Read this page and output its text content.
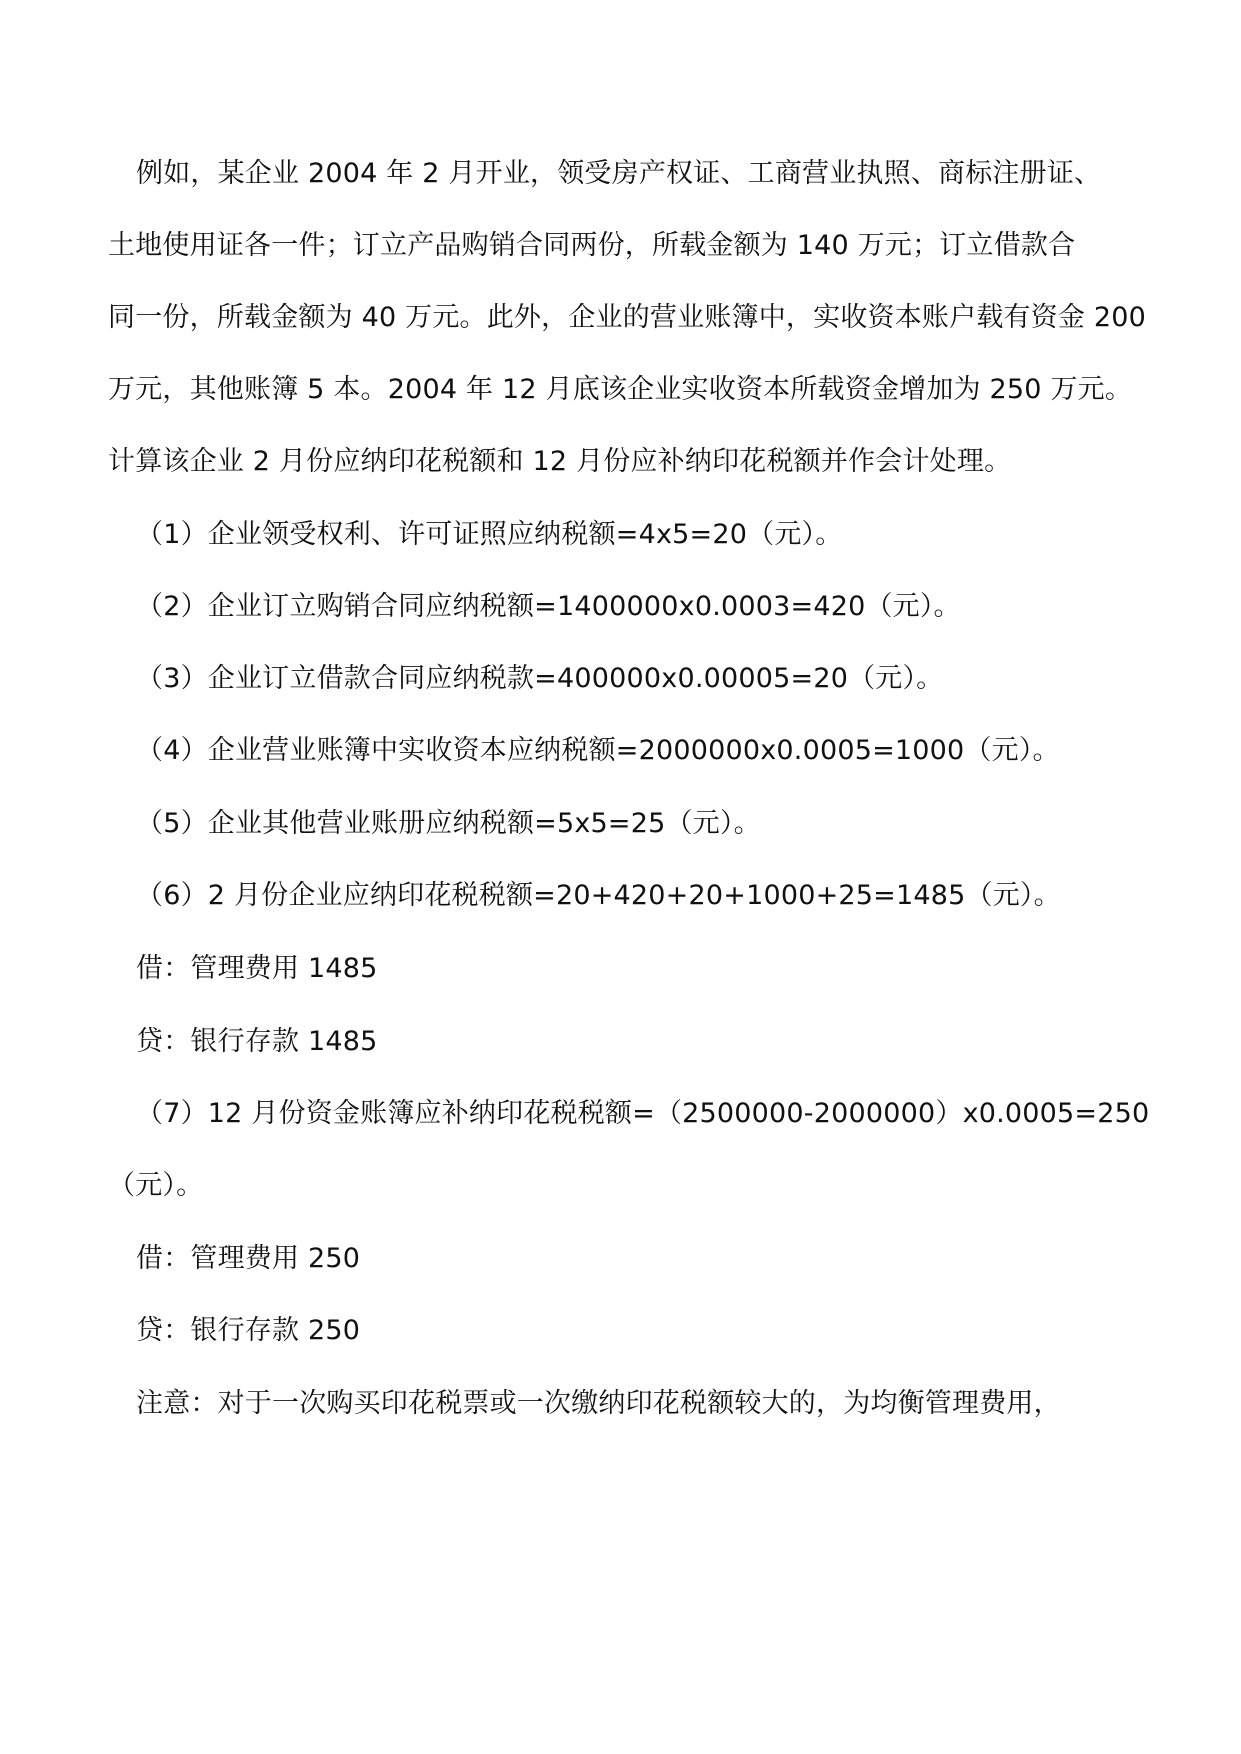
例如，某企业 2004 年 2 月开业，领受房产权证、工商营业执照、商标注册证、
土地使用证各一件；订立产品购销合同两份，所载金额为 140 万元；订立借款合
同一份，所载金额为 40 万元。此外，企业的营业账簿中，实收资本账户载有资金 200
万元，其他账簿 5 本。2004 年 12 月底该企业实收资本所载资金增加为 250 万元。
计算该企业 2 月份应纳印花税额和 12 月份应补纳印花税额并作会计处理。
（1）企业领受权利、许可证照应纳税额=4x5=20（元）。
（2）企业订立购销合同应纳税额=1400000x0.0003=420（元）。
（3）企业订立借款合同应纳税款=400000x0.00005=20（元）。
（4）企业营业账簿中实收资本应纳税额=2000000x0.0005=1000（元）。
（5）企业其他营业账册应纳税额=5x5=25（元）。
（6）2 月份企业应纳印花税税额=20+420+20+1000+25=1485（元）。
借：管理费用 1485
贷：银行存款 1485
（7）12 月份资金账簿应补纳印花税税额=（2500000-2000000）x0.0005=250
（元）。
借：管理费用 250
贷：银行存款 250
注意：对于一次购买印花税票或一次缴纳印花税额较大的，为均衡管理费用，
